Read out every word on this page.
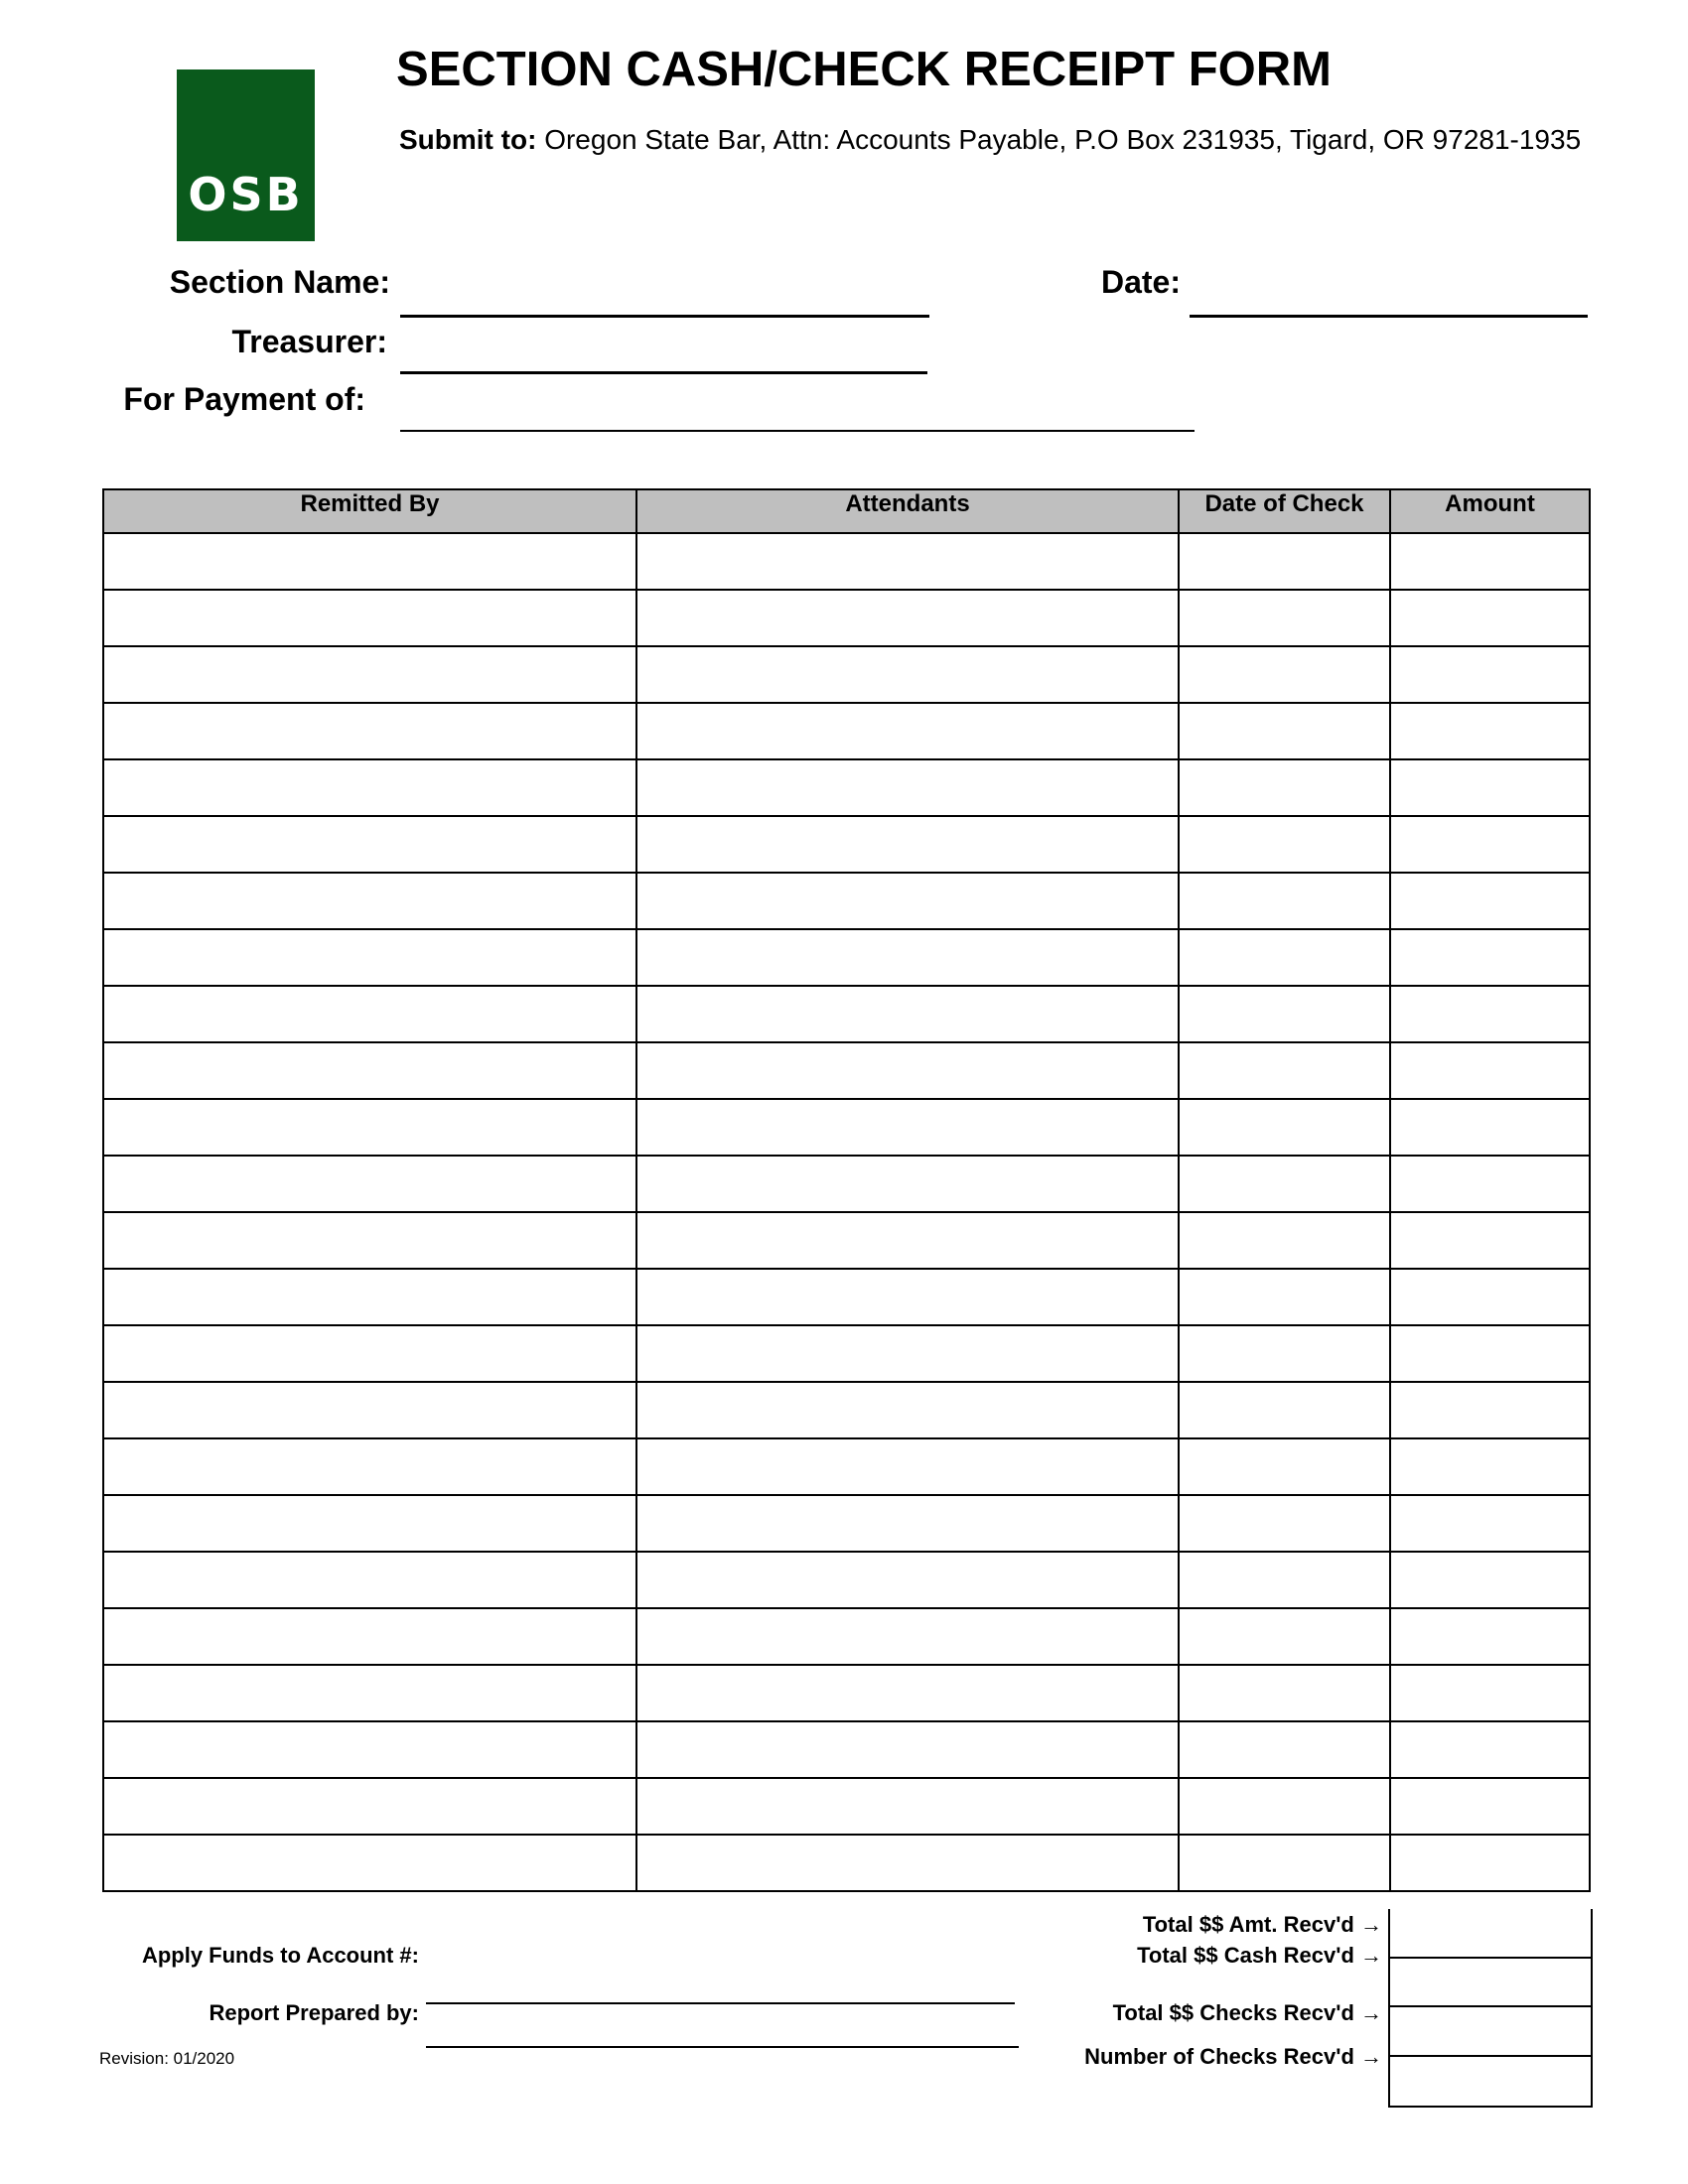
OSB
SECTION CASH/CHECK RECEIPT FORM
Submit to: Oregon State Bar, Attn: Accounts Payable, P.O Box 231935, Tigard, OR 97281-1935
Section Name:	Date:
Treasurer:
For Payment of:
Remitted By	Attendants	Date of Check	Amount

Total $$ Amt. Recv'd →
Total $$ Cash Recv'd →
Total $$ Checks Recv'd →
Number of Checks Recv'd →
Apply Funds to Account #:
Report Prepared by:
Revision: 01/2020
